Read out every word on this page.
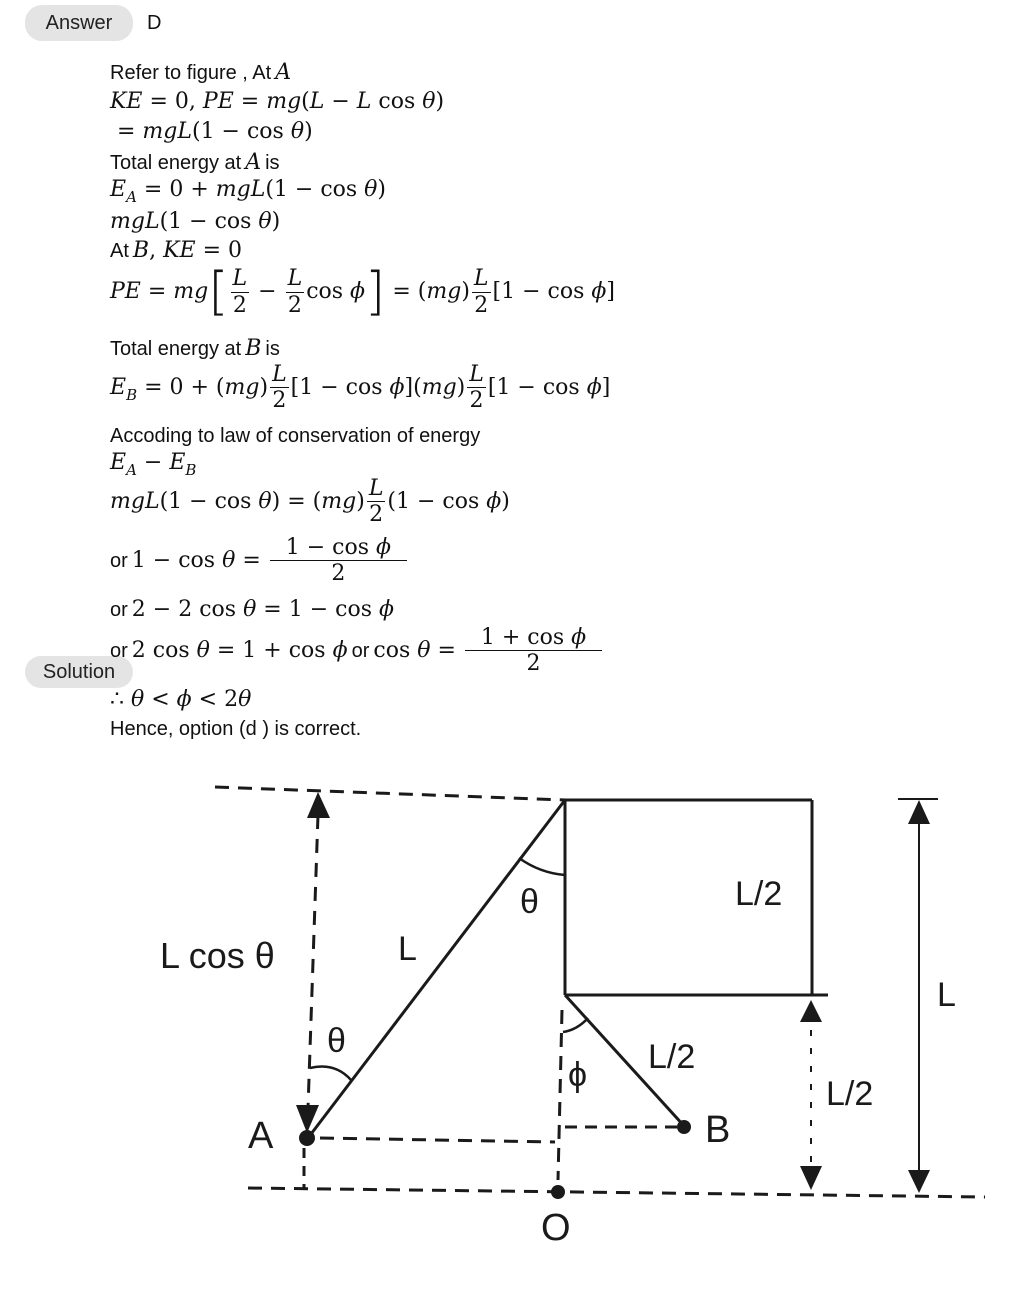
Answer	D
Solution
Refer to figure , At A
KE = 0, PE = mg(L − L cos θ)
= mgL(1 − cos θ)
Total energy at A is
$E_A = 0 + mgL(1 - \cos \theta)$
mgL(1 − cos θ)
At B, KE = 0
PE = $mg[ \frac{L}{2} - \frac{L}{2}$ $\cos \phi] = (mg) \frac{L}{2} [1 - \cos \phi]$
Total energy at B is
$E_B = 0 + (mg) \frac{L}{2} [1 - \cos \phi](mg) \frac{L}{2} [1 - \cos \phi]$
Accoding to law of conservation of energy
$E_A - E_B$
$mgL(1 - \cos \theta) = (mg) \frac{L}{2} (1 - \cos \phi)$
or $1 - \cos \theta = \frac{\text{1 − cos ϕ}}{2}$
or 2 − 2 cos θ = 1 − cos ϕ
or 2 cos θ = 1 + cos ϕ or $\cos \theta = \frac{\text{1 + cos ϕ}}{2}$
∴ θ < ϕ < 2θ
Hence, option (d ) is correct.
L cos θ	L
θ
θ
L/2
L
L/2
ϕ	L/2
A	B
O
